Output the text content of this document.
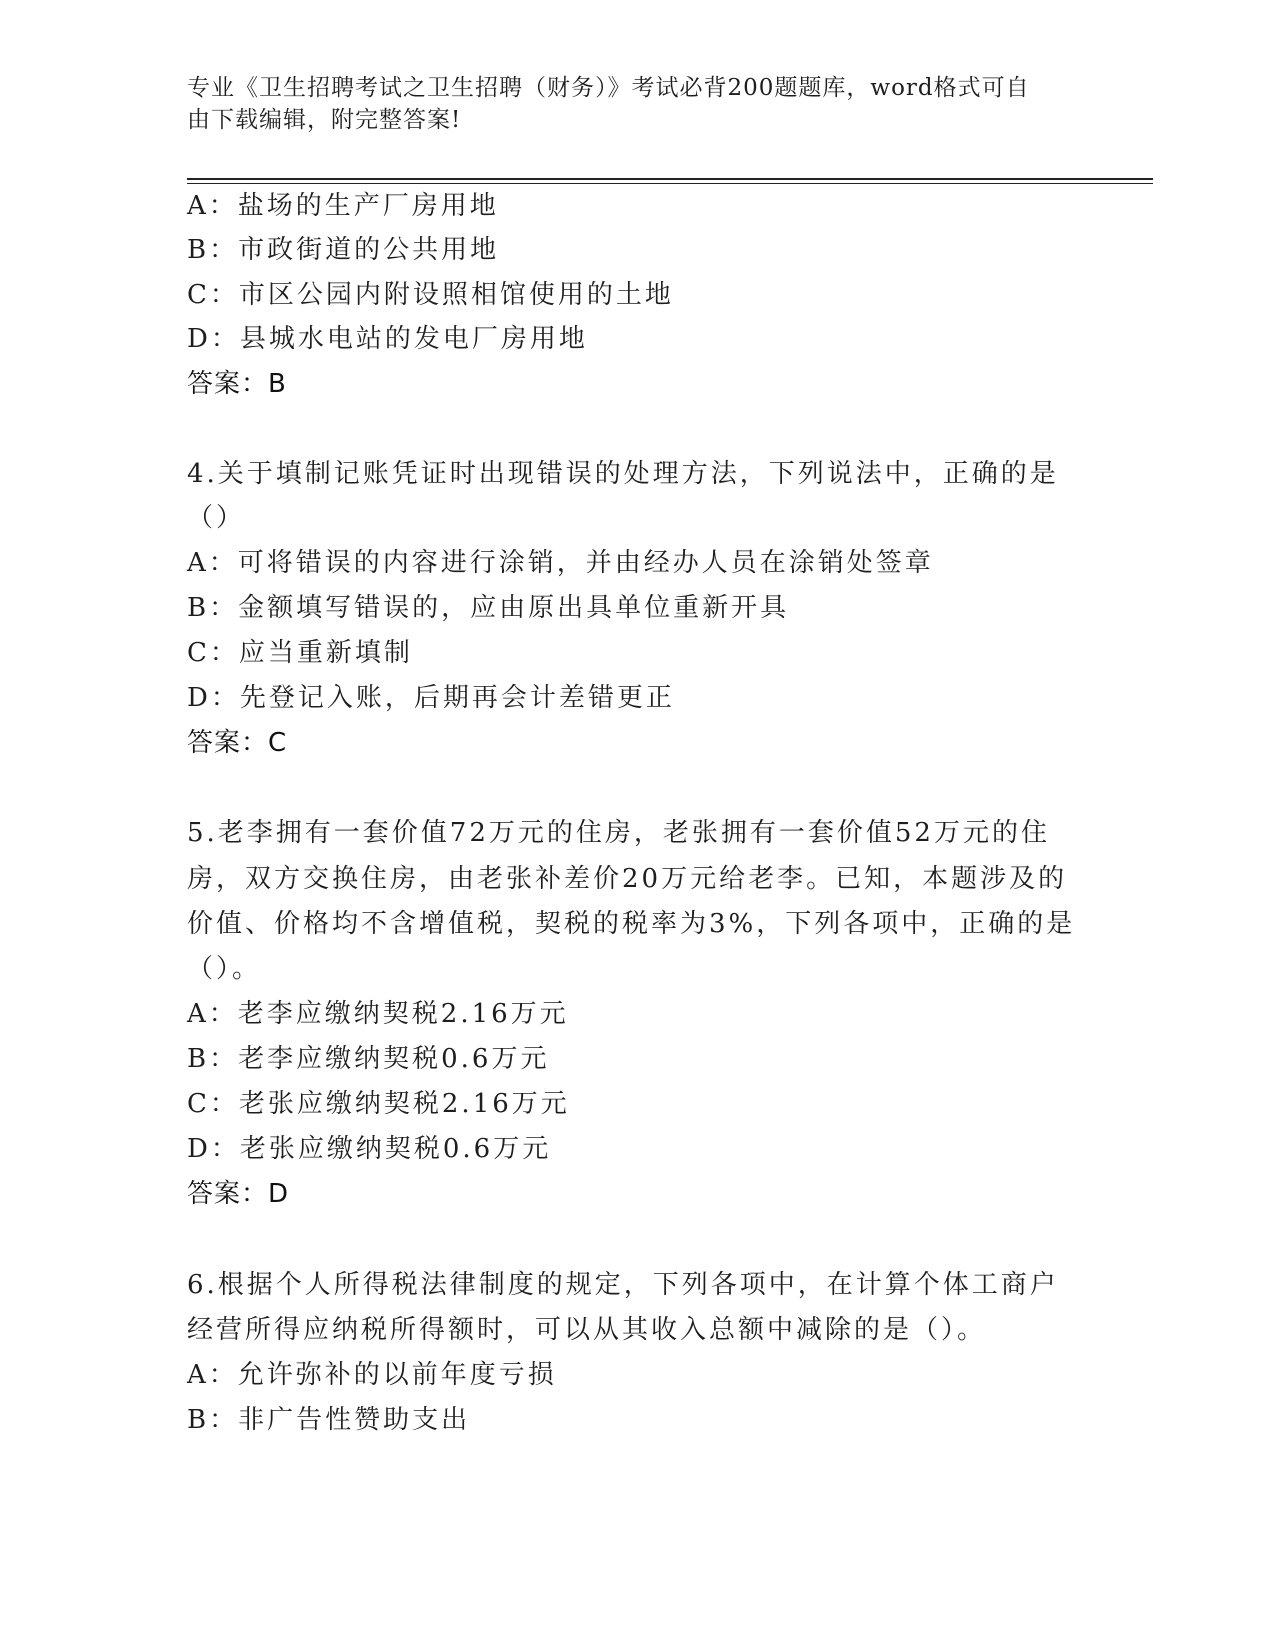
专业《卫生招聘考试之卫生招聘（财务）》考试必背200题题库，word格式可自
由下载编辑，附完整答案!
A：盐场的生产厂房用地
B：市政街道的公共用地
C：市区公园内附设照相馆使用的土地
D：县城水电站的发电厂房用地
答案：B
4.关于填制记账凭证时出现错误的处理方法，下列说法中，正确的是
（）
A：可将错误的内容进行涂销，并由经办人员在涂销处签章
B：金额填写错误的，应由原出具单位重新开具
C：应当重新填制
D：先登记入账，后期再会计差错更正
答案：C
5.老李拥有一套价值72万元的住房，老张拥有一套价值52万元的住
房，双方交换住房，由老张补差价20万元给老李。已知，本题涉及的
价值、价格均不含增值税，契税的税率为3%，下列各项中，正确的是
（）。
A：老李应缴纳契税2.16万元
B：老李应缴纳契税0.6万元
C：老张应缴纳契税2.16万元
D：老张应缴纳契税0.6万元
答案：D
6.根据个人所得税法律制度的规定，下列各项中，在计算个体工商户
经营所得应纳税所得额时，可以从其收入总额中减除的是（）。
A：允许弥补的以前年度亏损
B：非广告性赞助支出
